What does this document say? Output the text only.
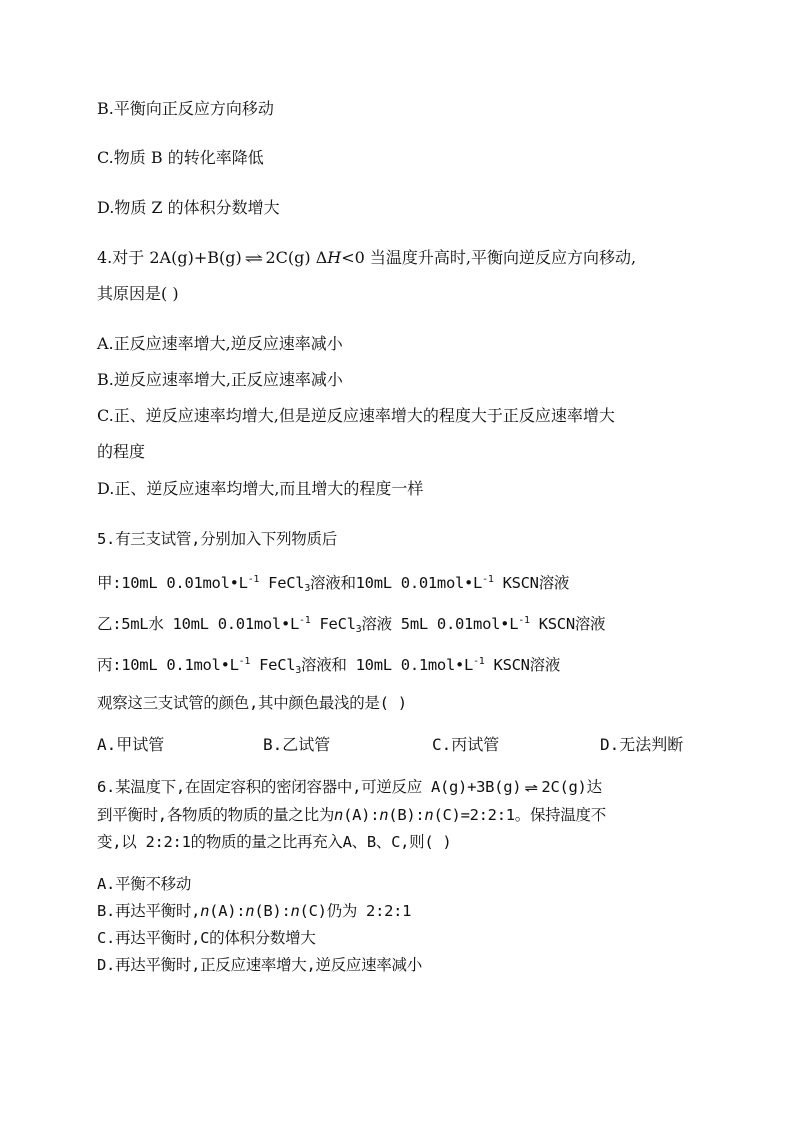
B.平衡向正反应方向移动
C.物质 B 的转化率降低
D.物质 Z 的体积分数增大
4.对于 2A(g)+B(g) ⇌ 2C(g) ΔH<0 当温度升高时,平衡向逆反应方向移动,
其原因是( )
A.正反应速率增大,逆反应速率减小
B.逆反应速率增大,正反应速率减小
C.正、逆反应速率均增大,但是逆反应速率增大的程度大于正反应速率增大
的程度
D.正、逆反应速率均增大,而且增大的程度一样
5.有三支试管,分别加入下列物质后
甲:10mL $0.01mol•L^{-1}$ FeCl$_3$溶液和10mL $0.01mol•L^{-1}$ KSCN溶液
乙:5mL水 10mL $0.01mol•L^{-1}$ FeCl$_3$溶液 5mL $0.01mol•L^{-1}$ KSCN溶液
丙:10mL $0.1mol•L^{-1}$ FeCl$_3$溶液和 10mL $0.1mol•L^{-1}$ KSCN溶液
观察这三支试管的颜色,其中颜色最浅的是( )
A.甲试管	B.乙试管	C.丙试管	D.无法判断
6.某温度下,在固定容积的密闭容器中,可逆反应 A(g)+3B(g) ⇌ 2C(g)达
到平衡时,各物质的物质的量之比为n(A):n(B):n(C)=2:2:1。保持温度不
变,以 2:2:1的物质的量之比再充入A、B、C,则( )
A.平衡不移动
B.再达平衡时,n(A):n(B):n(C)仍为 2:2:1
C.再达平衡时,C的体积分数增大
D.再达平衡时,正反应速率增大,逆反应速率减小
